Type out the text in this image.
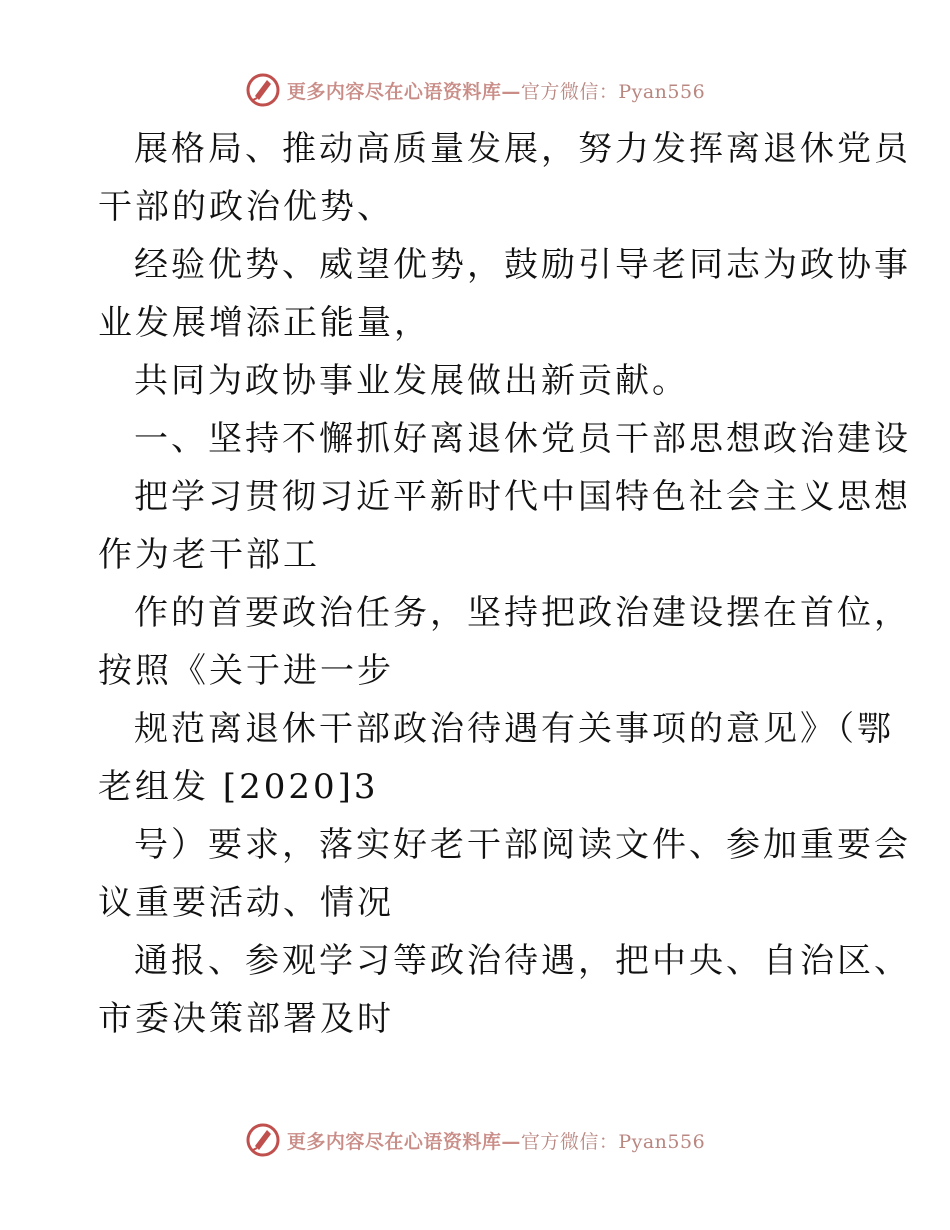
更多内容尽在心语资料库—官方微信：Pyan556
展格局、推动高质量发展，努力发挥离退休党员
干部的政治优势、
经验优势、威望优势，鼓励引导老同志为政协事
业发展增添正能量，
共同为政协事业发展做出新贡献。
一、坚持不懈抓好离退休党员干部思想政治建设
把学习贯彻习近平新时代中国特色社会主义思想
作为老干部工
作的首要政治任务，坚持把政治建设摆在首位，
按照《关于进一步
规范离退休干部政治待遇有关事项的意见》（鄂
老组发 [2020]3
号）要求，落实好老干部阅读文件、参加重要会
议重要活动、情况
通报、参观学习等政治待遇，把中央、自治区、
市委决策部署及时
更多内容尽在心语资料库—官方微信：Pyan556
